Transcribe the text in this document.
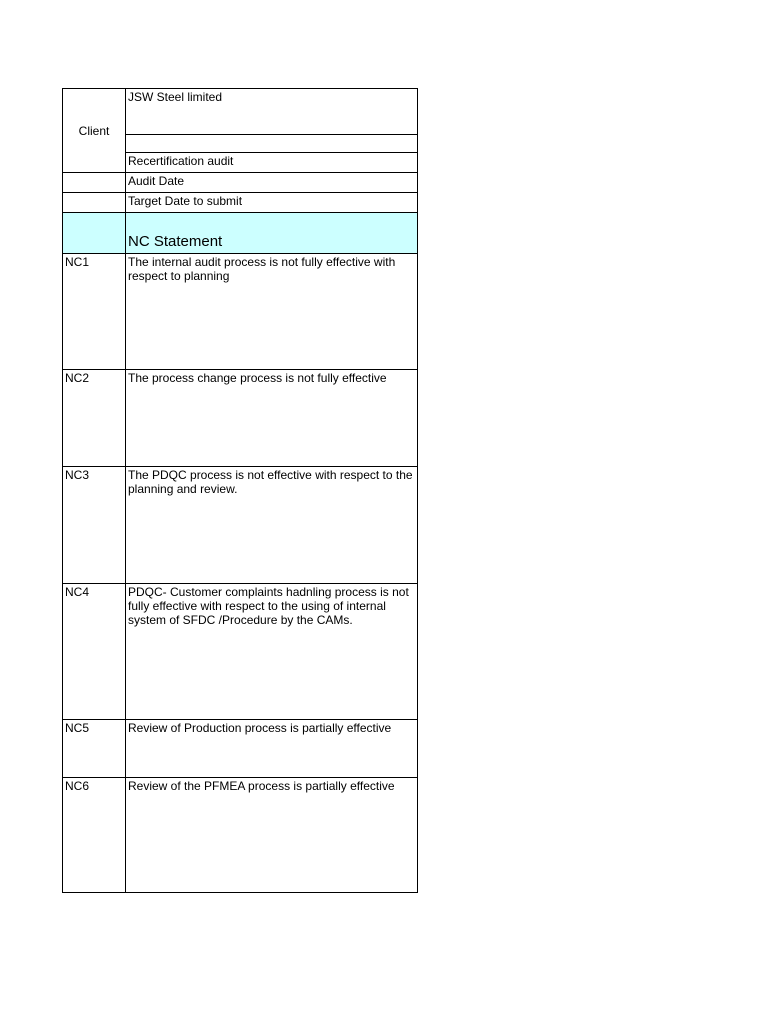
Client	JSW Steel limited

	Recertification audit
	Audit Date
	Target Date to submit
	NC Statement
NC1	The internal audit process is not fully effective with respect to planning
NC2	The process change process is not fully effective
NC3	The PDQC process is not effective with respect to the planning and review.
NC4	PDQC- Customer complaints hadnling process is not fully effective with respect to the using of internal system of SFDC /Procedure by the CAMs.
NC5	Review of Production process is partially effective
NC6	Review of the PFMEA process is partially effective
